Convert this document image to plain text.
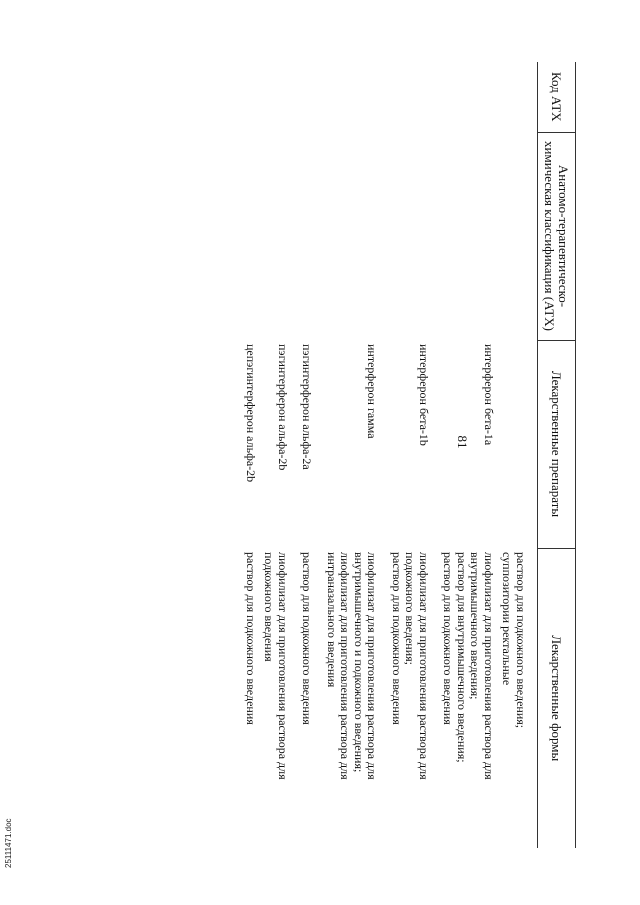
Код АТХ	Анатомо-терапевтическо-химическая классификация (АТХ)	Лекарственные препараты	Лекарственные формы

			раствор для подкожного введения;
суппозитории ректальные

		интерферон бета-1a	лиофилизат для приготовления раствора для
внутримышечного введения;
раствор для внутримышечного введения;
раствор для подкожного введения

		интерферон бета-1b	лиофилизат для приготовления раствора для
подкожного введения;
раствор для подкожного введения

		интерферон гамма	лиофилизат для приготовления раствора для
внутримышечного и подкожного введения;
лиофилизат для приготовления раствора для
интраназального введения

		пэгинтерферон альфа-2a	раствор для подкожного введения

		пэгинтерферон альфа-2b	лиофилизат для приготовления раствора для
подкожного введения

		цепэгинтерферон альфа-2b	раствор для подкожного введения
81
25111471.doc
